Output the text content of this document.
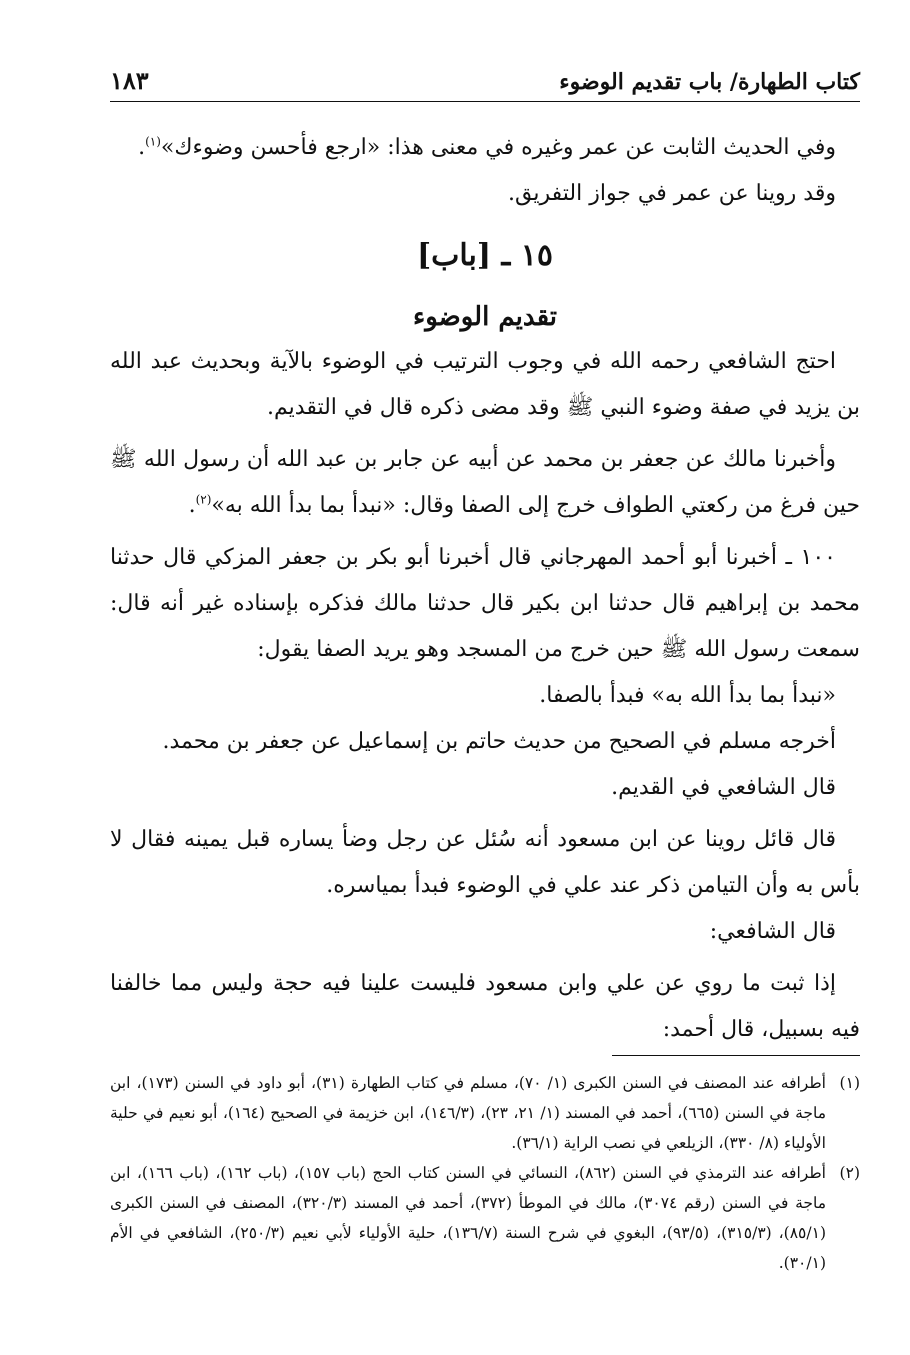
كتاب الطهارة/ باب تقديم الوضوء
١٨٣

وفي الحديث الثابت عن عمر وغيره في معنى هذا: «ارجع فأحسن وضوءك»$^{(١)}$.

وقد روينا عن عمر في جواز التفريق.

١٥ ـ [باب]

تقديم الوضوء

احتج الشافعي رحمه الله في وجوب الترتيب في الوضوء بالآية وبحديث عبد الله بن يزيد في صفة وضوء النبي ﷺ وقد مضى ذكره قال في التقديم.

وأخبرنا مالك عن جعفر بن محمد عن أبيه عن جابر بن عبد الله أن رسول الله ﷺ حين فرغ من ركعتي الطواف خرج إلى الصفا وقال: «نبدأ بما بدأ الله به»$^{(٢)}$.

١٠٠ ـ أخبرنا أبو أحمد المهرجاني قال أخبرنا أبو بكر بن جعفر المزكي قال حدثنا محمد بن إبراهيم قال حدثنا ابن بكير قال حدثنا مالك فذكره بإسناده غير أنه قال: سمعت رسول الله ﷺ حين خرج من المسجد وهو يريد الصفا يقول:

«نبدأ بما بدأ الله به» فبدأ بالصفا.

أخرجه مسلم في الصحيح من حديث حاتم بن إسماعيل عن جعفر بن محمد.

قال الشافعي في القديم.

قال قائل روينا عن ابن مسعود أنه سُئل عن رجل وضأ يساره قبل يمينه فقال لا بأس به وأن التيامن ذكر عند علي في الوضوء فبدأ بمياسره.

قال الشافعي:

إذا ثبت ما روي عن علي وابن مسعود فليست علينا فيه حجة وليس مما خالفنا فيه بسبيل، قال أحمد:

(١)
أطرافه عند المصنف في السنن الكبرى (١/ ٧٠)، مسلم في كتاب الطهارة (٣١)، أبو داود في السنن (١٧٣)، ابن ماجة في السنن (٦٦٥)، أحمد في المسند (١/ ٢١، ٢٣)، (١٤٦/٣)، ابن خزيمة في الصحيح (١٦٤)، أبو نعيم في حلية الأولياء (٨/ ٣٣٠)، الزيلعي في نصب الراية (٣٦/١).

(٢)
أطرافه عند الترمذي في السنن (٨٦٢)، النسائي في السنن كتاب الحج (باب ١٥٧)، (باب ١٦٢)، (باب ١٦٦)، ابن ماجة في السنن (رقم ٣٠٧٤)، مالك في الموطأ (٣٧٢)، أحمد في المسند (٣٢٠/٣)، المصنف في السنن الكبرى (٨٥/١)، (٣١٥/٣)، (٩٣/٥)، البغوي في شرح السنة (١٣٦/٧)، حلية الأولياء لأبي نعيم (٢٥٠/٣)، الشافعي في الأم (٣٠/١).
